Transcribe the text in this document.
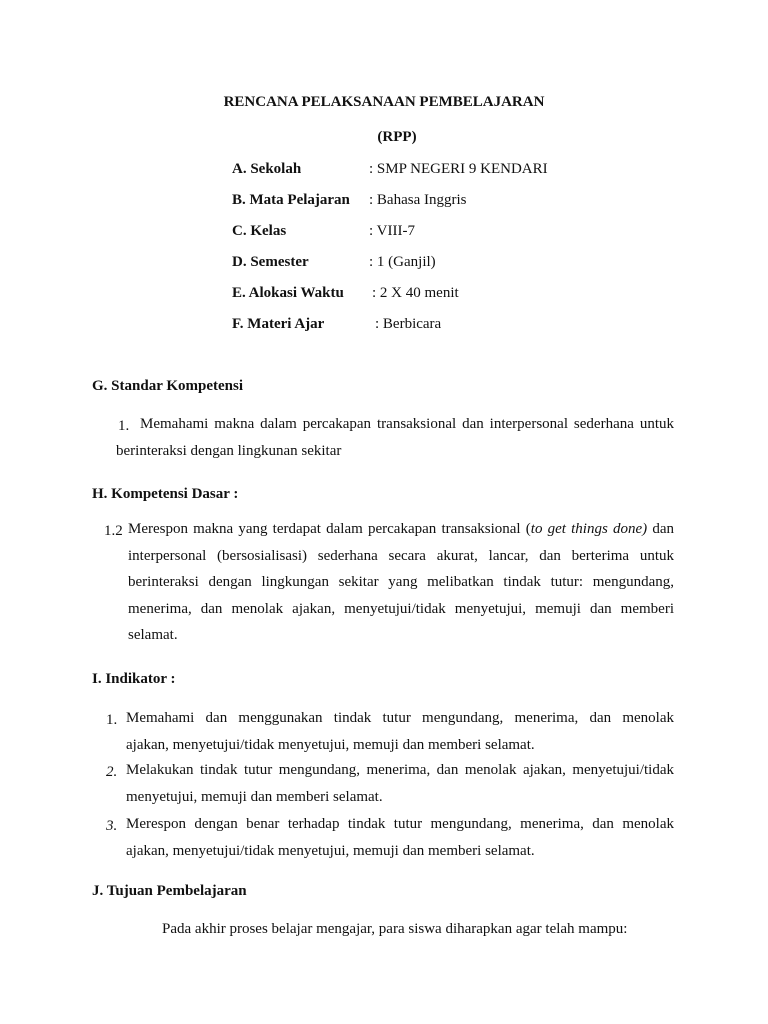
RENCANA PELAKSANAAN PEMBELAJARAN
(RPP)
A. Sekolah	: SMP NEGERI 9 KENDARI
B. Mata Pelajaran : Bahasa Inggris
C. Kelas	: VIII-7
D. Semester	: 1 (Ganjil)
E. Alokasi Waktu : 2 X 40 menit
F. Materi Ajar	: Berbicara
G. Standar Kompetensi
1. Memahami makna dalam percakapan transaksional dan interpersonal sederhana untuk
berinteraksi dengan lingkunan sekitar
H. Kompetensi Dasar :
1.2 Merespon makna yang terdapat dalam percakapan transaksional (to get things done) dan
interpersonal (bersosialisasi) sederhana secara akurat, lancar, dan berterima untuk
berinteraksi dengan lingkungan sekitar yang melibatkan tindak tutur: mengundang,
menerima, dan menolak ajakan, menyetujui/tidak menyetujui, memuji dan memberi
selamat.
I. Indikator :
1. Memahami dan menggunakan tindak tutur mengundang, menerima, dan menolak
ajakan, menyetujui/tidak menyetujui, memuji dan memberi selamat.
2. Melakukan tindak tutur mengundang, menerima, dan menolak ajakan, menyetujui/tidak
menyetujui, memuji dan memberi selamat.
3. Merespon dengan benar terhadap tindak tutur mengundang, menerima, dan menolak
ajakan, menyetujui/tidak menyetujui, memuji dan memberi selamat.
J. Tujuan Pembelajaran
Pada akhir proses belajar mengajar, para siswa diharapkan agar telah mampu:
